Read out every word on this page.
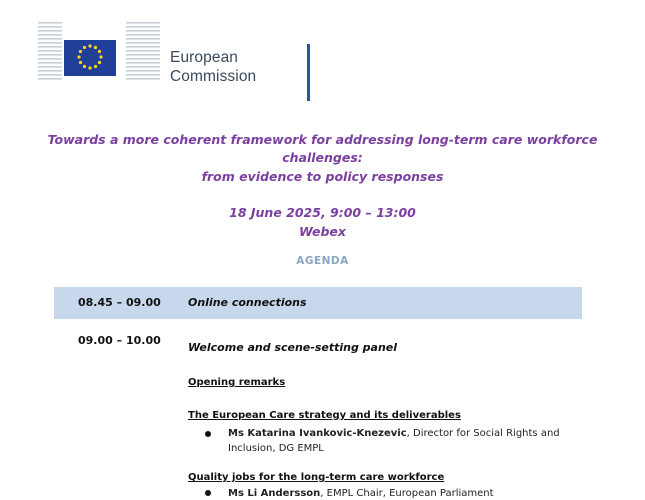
European
Commission
Towards a more coherent framework for addressing long-term care workforce
challenges:
from evidence to policy responses
18 June 2025, 9:00 – 13:00
Webex
AGENDA
08.45 – 09.00 Online connections
09.00 – 10.00
Welcome and scene-setting panel
Opening remarks
The European Care strategy and its deliverables
Ms Katarina Ivankovic-Knezevic, Director for Social Rights and Inclusion, DG EMPL
Quality jobs for the long-term care workforce
Ms Li Andersson, EMPL Chair, European Parliament
